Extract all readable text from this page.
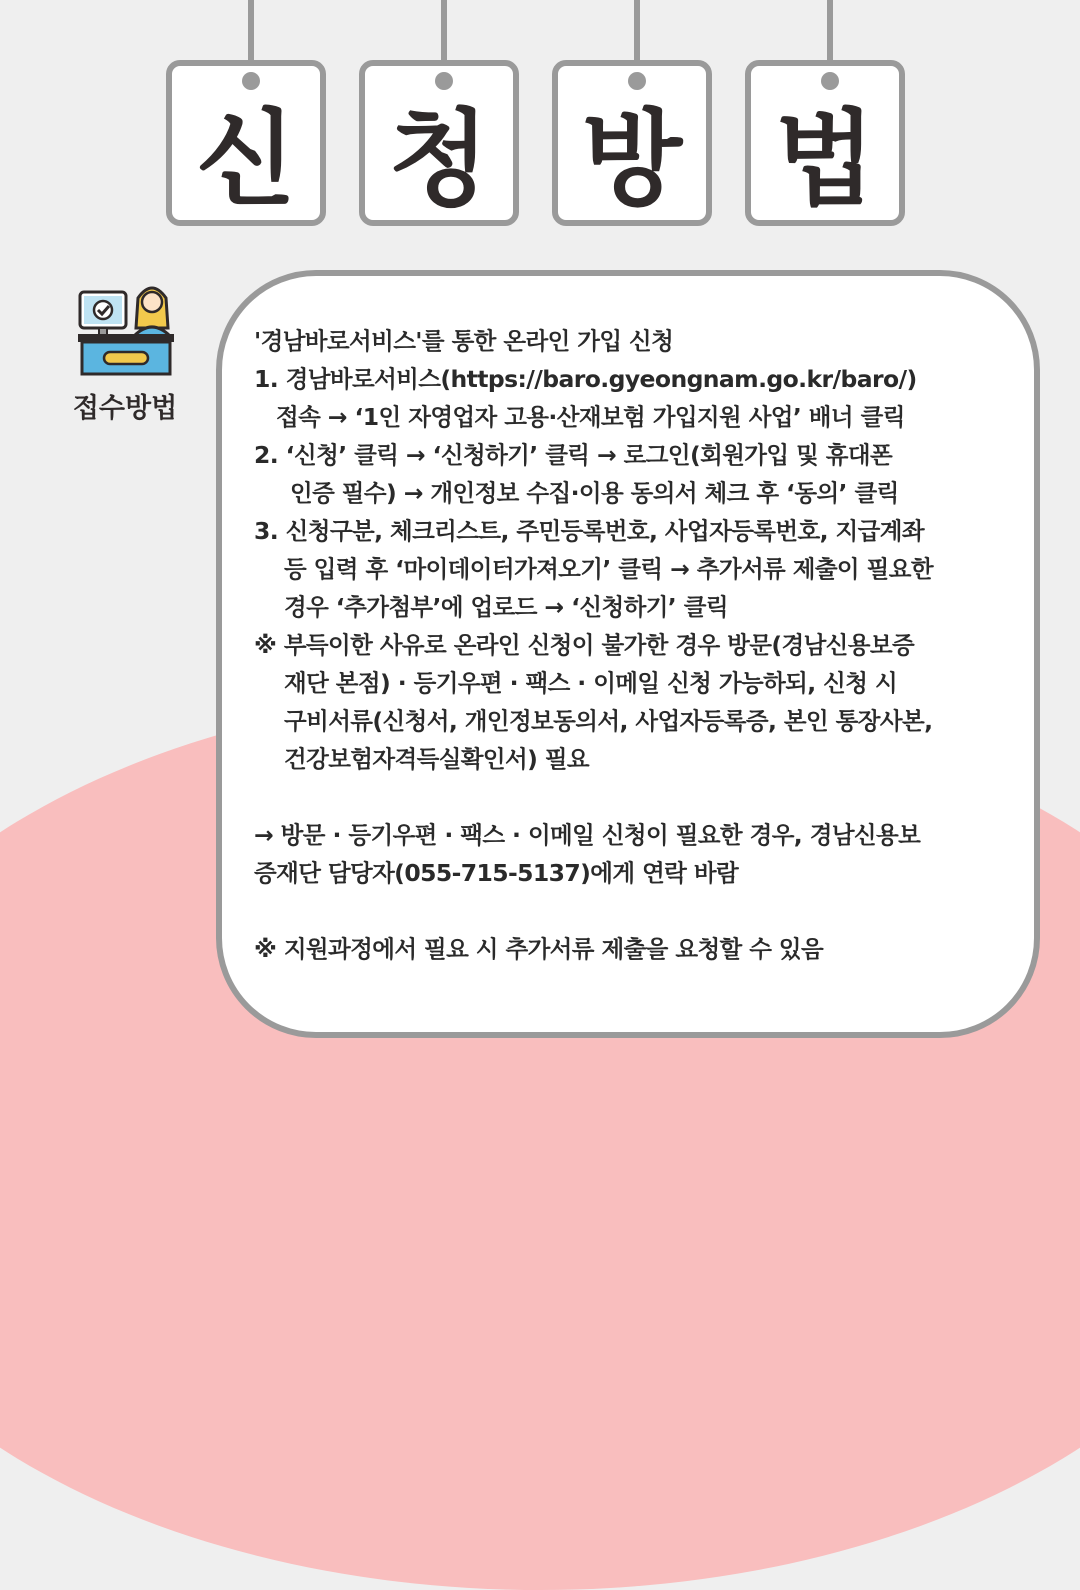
신 청 방 법
접수방법
'경남바로서비스'를 통한 온라인 가입 신청
1. 경남바로서비스(https://baro.gyeongnam.go.kr/baro/)
접속 → ‘1인 자영업자 고용·산재보험 가입지원 사업’ 배너 클릭
2. ‘신청’ 클릭 → ‘신청하기’ 클릭 → 로그인(회원가입 및 휴대폰
인증 필수) → 개인정보 수집·이용 동의서 체크 후 ‘동의’ 클릭
3. 신청구분, 체크리스트, 주민등록번호, 사업자등록번호, 지급계좌
등 입력 후 ‘마이데이터가져오기’ 클릭 → 추가서류 제출이 필요한
경우 ‘추가첨부’에 업로드 → ‘신청하기’ 클릭
※ 부득이한 사유로 온라인 신청이 불가한 경우 방문(경남신용보증
재단 본점) · 등기우편 · 팩스 · 이메일 신청 가능하되, 신청 시
구비서류(신청서, 개인정보동의서, 사업자등록증, 본인 통장사본,
건강보험자격득실확인서) 필요
→ 방문 · 등기우편 · 팩스 · 이메일 신청이 필요한 경우, 경남신용보
증재단 담당자(055-715-5137)에게 연락 바람
※ 지원과정에서 필요 시 추가서류 제출을 요청할 수 있음
